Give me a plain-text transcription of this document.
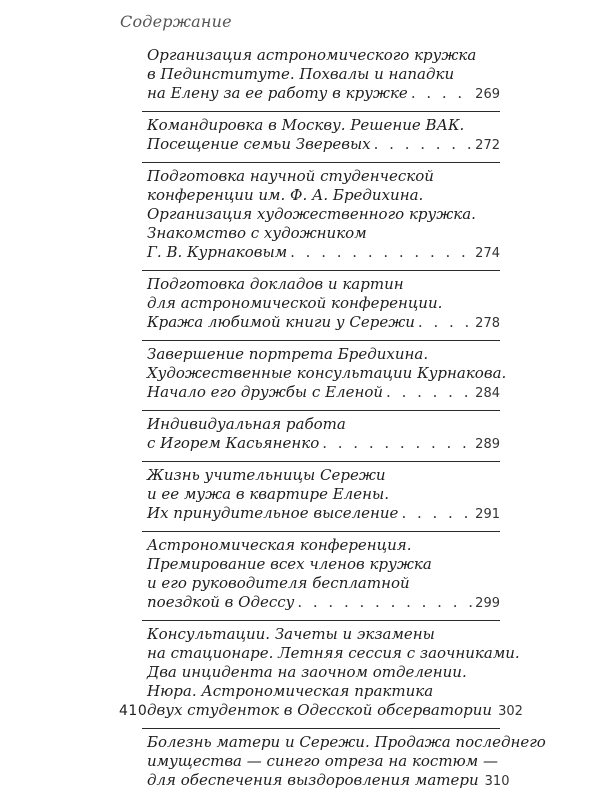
Содержание
Организация астрономического кружка
в Пединституте. Похвалы и нападки
на Елену за ее работу в кружке . . .	269
Командировка в Москву. Решение ВАК.
Посещение семьи Зверевых . . .	272
Подготовка научной студенческой
конференции им. Ф. А. Бредихина.
Организация художественного кружка.
Знакомство с художником
Г. В. Курнаковым . . .	274
Подготовка докладов и картин
для астрономической конференции.
Кража любимой книги у Сережи . . .	278
Завершение портрета Бредихина.
Художественные консультации Курнакова.
Начало его дружбы с Еленой . . .	284
Индивидуальная работа
с Игорем Касьяненко . . .	289
Жизнь учительницы Сережи
и ее мужа в квартире Елены.
Их принудительное выселение . . .	291
Астрономическая конференция.
Премирование всех членов кружка
и его руководителя бесплатной
поездкой в Одессу . . .	299
Консультации. Зачеты и экзамены
на стационаре. Летняя сессия с заочниками.
Два инцидента на заочном отделении.
Нюра. Астрономическая практика
двух студенток в Одесской обсерватории 302
Болезнь матери и Сережи. Продажа последнего
имущества — синего отреза на костюм —
для обеспечения выздоровления матери 310
410
